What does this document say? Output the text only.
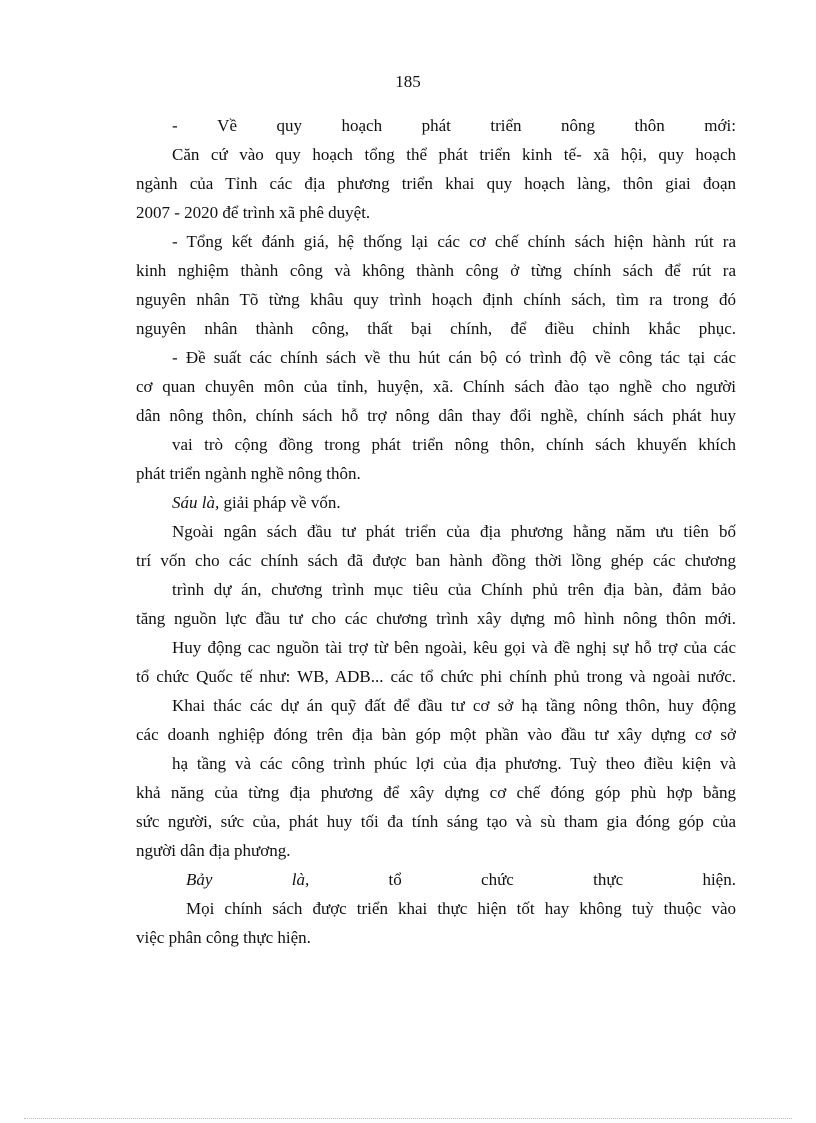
185
- Về quy hoạch phát triển nông thôn mới:

Căn cứ vào quy hoạch tổng thể phát triển kinh tế- xã hội, quy hoạch

ngành của Tỉnh các địa phương triển khai quy hoạch làng, thôn giai đoạn

2007 - 2020 để trình xã phê duyệt.

- Tổng kết đánh giá, hệ thống lại các cơ chế chính sách hiện hành rút ra

kinh nghiệm thành công và không thành công ở từng chính sách để rút ra

nguyên nhân Tõ từng khâu quy trình hoạch định chính sách, tìm ra trong đó

nguyên nhân thành công, thất bại chính, để điều chỉnh khắc phục.

- Đề suất các chính sách về thu hút cán bộ có trình độ về công tác tại các

cơ quan chuyên môn của tỉnh, huyện, xã. Chính sách đào tạo nghề cho người

dân nông thôn, chính sách hỗ trợ nông dân thay đổi nghề, chính sách phát huy

vai trò cộng đồng trong phát triển nông thôn, chính sách khuyến khích

phát triển ngành nghề nông thôn.

Sáu là, giải pháp về vốn.

Ngoài ngân sách đầu tư phát triển của địa phương hằng năm ưu tiên bố

trí vốn cho các chính sách đã được ban hành đồng thời lồng ghép các chương

trình dự án, chương trình mục tiêu của Chính phủ trên địa bàn, đảm bảo

tăng nguồn lực đầu tư cho các chương trình xây dựng mô hình nông thôn mới.

Huy động cac nguồn tài trợ từ bên ngoài, kêu gọi và đề nghị sự hỗ trợ của các

tổ chức Quốc tế như: WB, ADB... các tổ chức phi chính phủ trong và ngoài nước.

Khai thác các dự án quỹ đất để đầu tư cơ sở hạ tầng nông thôn, huy động

các doanh nghiệp đóng trên địa bàn góp một phần vào đầu tư xây dựng cơ sở

hạ tầng và các công trình phúc lợi của địa phương. Tuỳ theo điều kiện và

khả năng của từng địa phương để xây dựng cơ chế đóng góp phù hợp bằng

sức người, sức của, phát huy tối đa tính sáng tạo và sù tham gia đóng góp của

người dân địa phương.

Bảy	là,	tổ	chức	thực	hiện.

Mọi chính sách được triển khai thực hiện tốt hay không tuỳ thuộc vào

việc phân công thực hiện.
